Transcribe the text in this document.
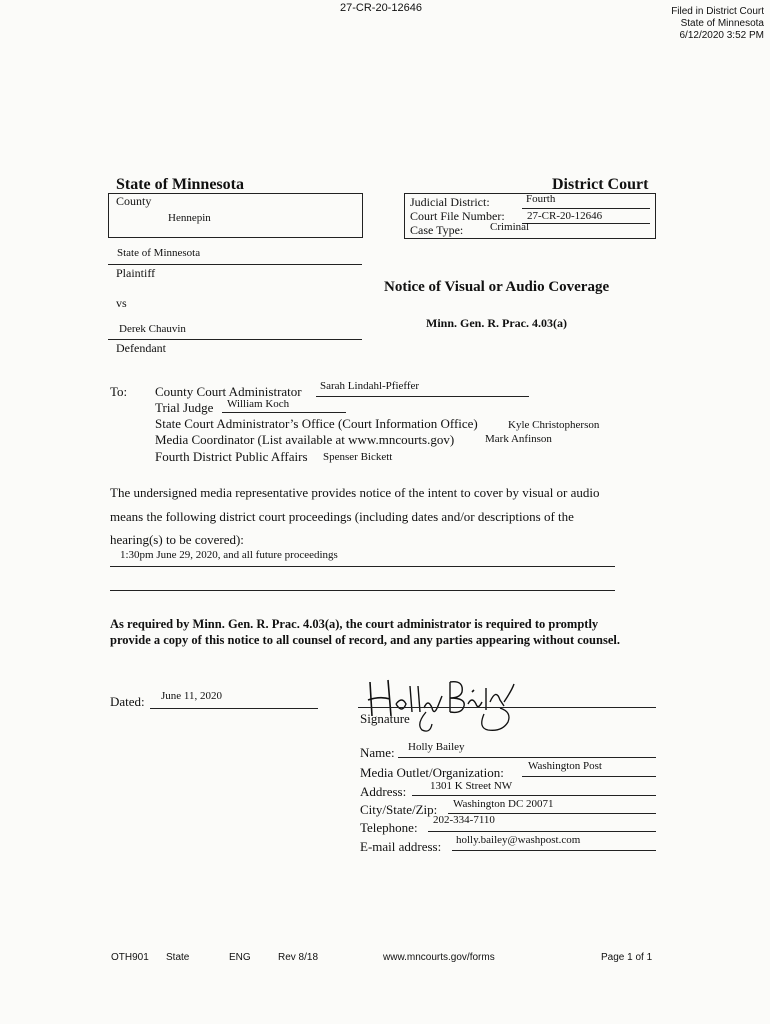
27-CR-20-12646	Filed in District Court
State of Minnesota
6/12/2020 3:52 PM
State of Minnesota	District Court
County
Hennepin
Judicial District:	Fourth
Court File Number: 27-CR-20-12646
Case Type: Criminal
State of Minnesota
Plaintiff
vs
Derek Chauvin
Defendant
Notice of Visual or Audio Coverage
Minn. Gen. R. Prac. 4.03(a)
To: County Court Administrator Sarah Lindahl-Pfieffer
Trial Judge William Koch
State Court Administrator’s Office (Court Information Office)	Kyle Christopherson
Media Coordinator (List available at www.mncourts.gov)	Mark Anfinson
Fourth District Public Affairs Spenser Bickett
The undersigned media representative provides notice of the intent to cover by visual or audio
means the following district court proceedings (including dates and/or descriptions of the
hearing(s) to be covered):
1:30pm June 29, 2020, and all future proceedings
As required by Minn. Gen. R. Prac. 4.03(a), the court administrator is required to promptly provide a copy of this notice to all counsel of record, and any parties appearing without counsel.
Dated: June 11, 2020
Signature
Name: Holly Bailey
Media Outlet/Organization: Washington Post
Address: 1301 K Street NW
City/State/Zip: Washington DC 20071
Telephone: 202-334-7110
E-mail address: holly.bailey@washpost.com
OTH901 State	ENG	Rev 8/18	www.mncourts.gov/forms	Page 1 of 1
